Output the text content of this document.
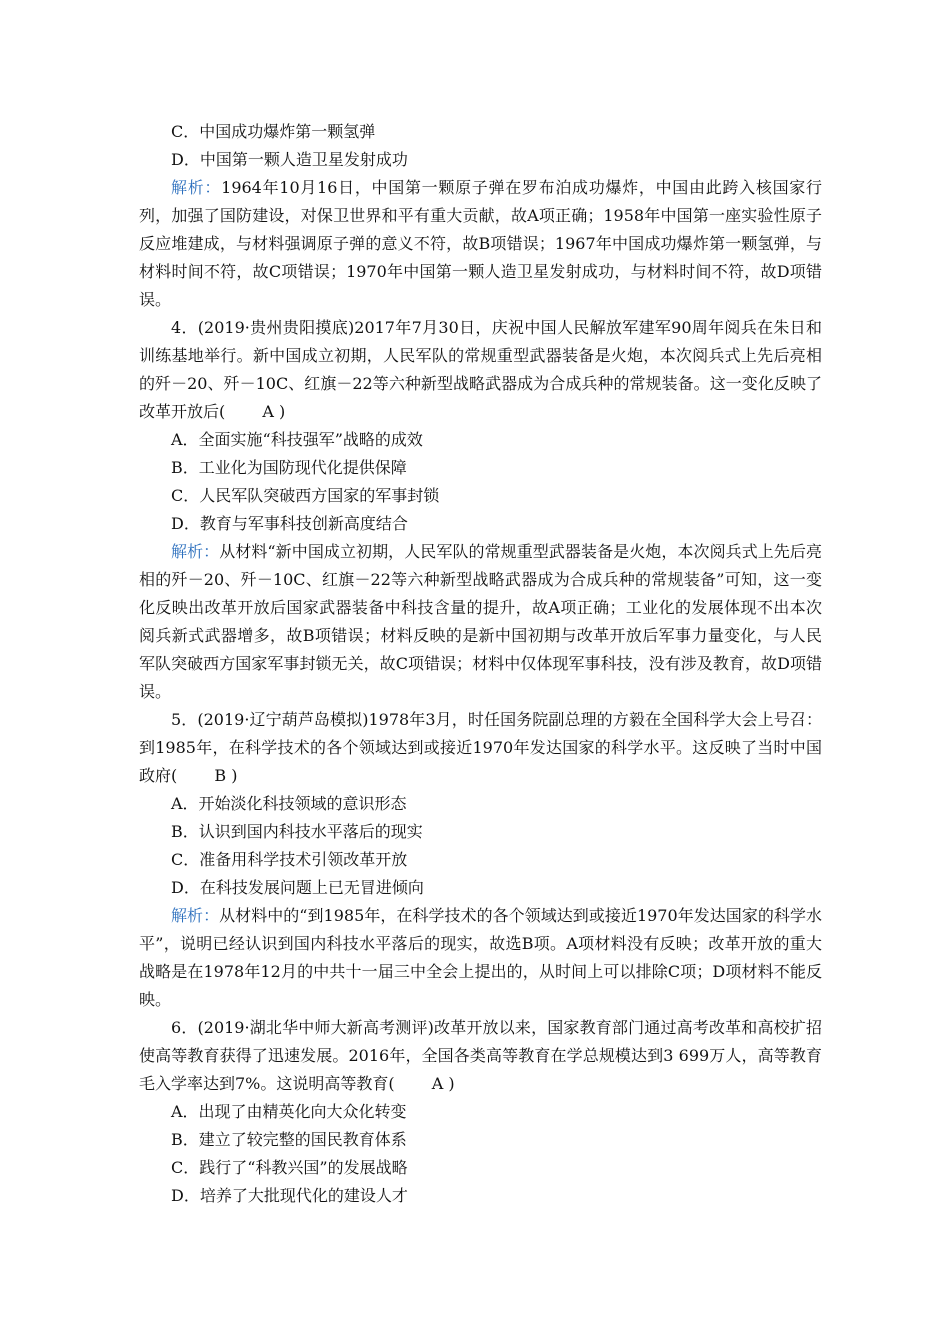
C．中国成功爆炸第一颗氢弹
D．中国第一颗人造卫星发射成功
解析：1964年10月16日，中国第一颗原子弹在罗布泊成功爆炸，中国由此跨入核国家行列，加强了国防建设，对保卫世界和平有重大贡献，故A项正确；1958年中国第一座实验性原子反应堆建成，与材料强调原子弹的意义不符，故B项错误；1967年中国成功爆炸第一颗氢弹，与材料时间不符，故C项错误；1970年中国第一颗人造卫星发射成功，与材料时间不符，故D项错误。
4．(2019·贵州贵阳摸底)2017年7月30日，庆祝中国人民解放军建军90周年阅兵在朱日和训练基地举行。新中国成立初期，人民军队的常规重型武器装备是火炮，本次阅兵式上先后亮相的歼－20、歼－10C、红旗－22等六种新型战略武器成为合成兵种的常规装备。这一变化反映了改革开放后( A )
A．全面实施“科技强军”战略的成效
B．工业化为国防现代化提供保障
C．人民军队突破西方国家的军事封锁
D．教育与军事科技创新高度结合
解析：从材料“新中国成立初期，人民军队的常规重型武器装备是火炮，本次阅兵式上先后亮相的歼－20、歼－10C、红旗－22等六种新型战略武器成为合成兵种的常规装备”可知，这一变化反映出改革开放后国家武器装备中科技含量的提升，故A项正确；工业化的发展体现不出本次阅兵新式武器增多，故B项错误；材料反映的是新中国初期与改革开放后军事力量变化，与人民军队突破西方国家军事封锁无关，故C项错误；材料中仅体现军事科技，没有涉及教育，故D项错误。
5．(2019·辽宁葫芦岛模拟)1978年3月，时任国务院副总理的方毅在全国科学大会上号召：到1985年，在科学技术的各个领域达到或接近1970年发达国家的科学水平。这反映了当时中国政府( B )
A．开始淡化科技领域的意识形态
B．认识到国内科技水平落后的现实
C．准备用科学技术引领改革开放
D．在科技发展问题上已无冒进倾向
解析：从材料中的“到1985年，在科学技术的各个领域达到或接近1970年发达国家的科学水平”，说明已经认识到国内科技水平落后的现实，故选B项。A项材料没有反映；改革开放的重大战略是在1978年12月的中共十一届三中全会上提出的，从时间上可以排除C项；D项材料不能反映。
6．(2019·湖北华中师大新高考测评)改革开放以来，国家教育部门通过高考改革和高校扩招使高等教育获得了迅速发展。2016年，全国各类高等教育在学总规模达到3 699万人，高等教育毛入学率达到7%。这说明高等教育( A )
A．出现了由精英化向大众化转变
B．建立了较完整的国民教育体系
C．践行了“科教兴国”的发展战略
D．培养了大批现代化的建设人才
